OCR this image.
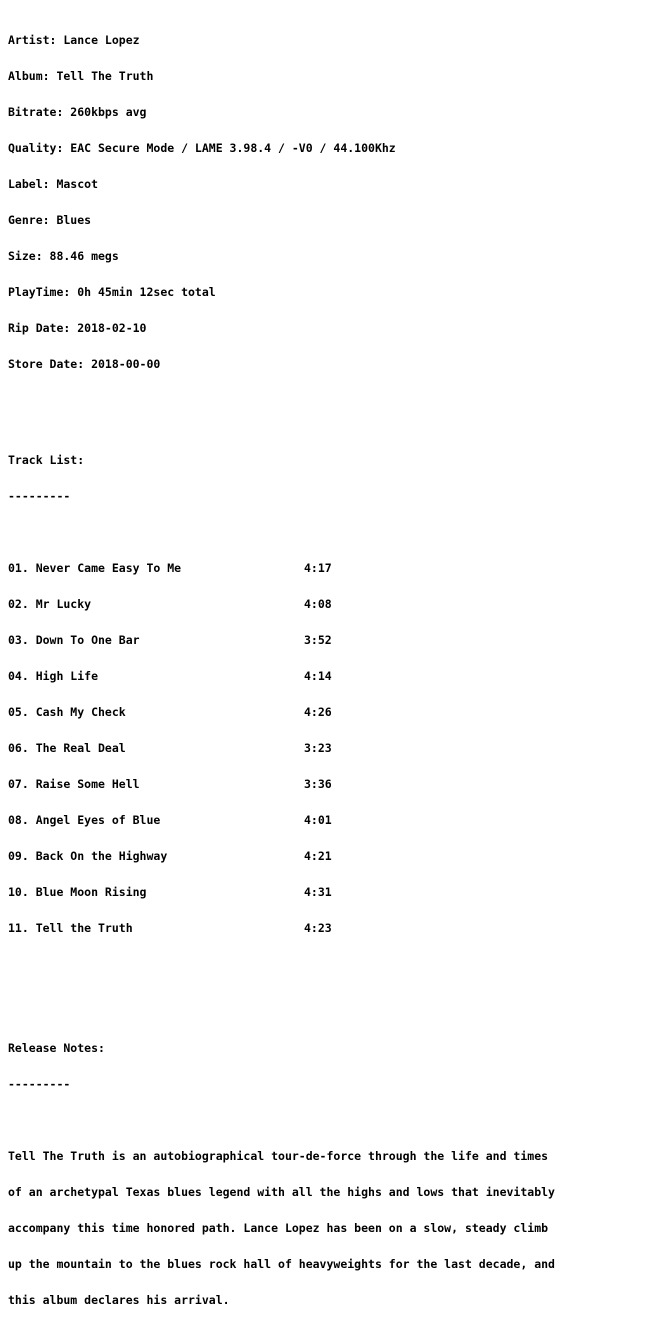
Artist: Lance Lopez

Album: Tell The Truth

Bitrate: 260kbps avg

Quality: EAC Secure Mode / LAME 3.98.4 / -V0 / 44.100Khz

Label: Mascot

Genre: Blues

Size: 88.46 megs

PlayTime: 0h 45min 12sec total

Rip Date: 2018-02-10

Store Date: 2018-00-00

Track List:

---------

01. Never Came Easy To Me	4:17

02. Mr Lucky	4:08

03. Down To One Bar	3:52

04. High Life	4:14

05. Cash My Check	4:26

06. The Real Deal	3:23

07. Raise Some Hell	3:36

08. Angel Eyes of Blue	4:01

09. Back On the Highway	4:21

10. Blue Moon Rising	4:31

11. Tell the Truth	4:23

Release Notes:

---------

Tell The Truth is an autobiographical tour-de-force through the life and times

of an archetypal Texas blues legend with all the highs and lows that inevitably

accompany this time honored path. Lance Lopez has been on a slow, steady climb

up the mountain to the blues rock hall of heavyweights for the last decade, and

this album declares his arrival.
